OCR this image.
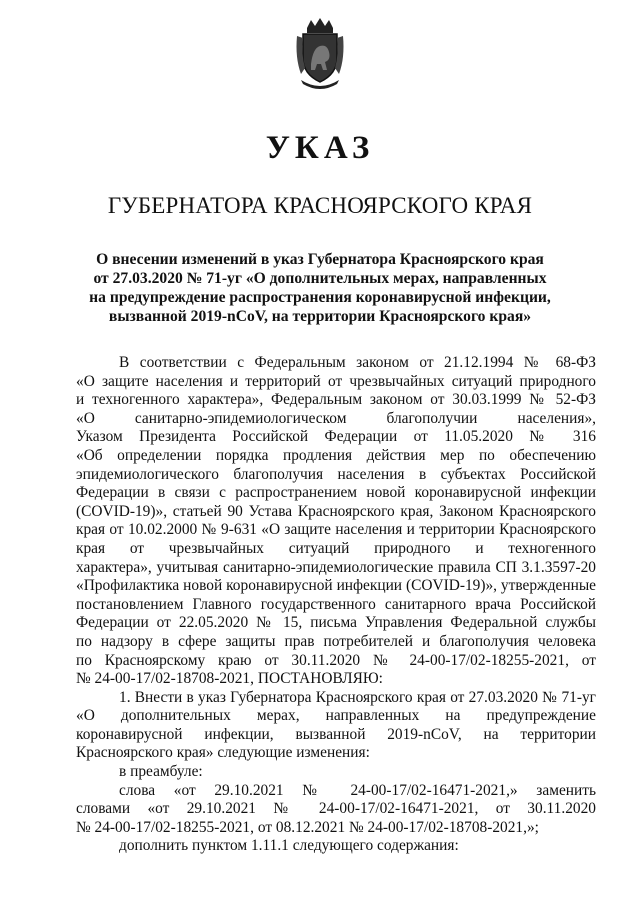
УКАЗ
ГУБЕРНАТОРА КРАСНОЯРСКОГО КРАЯ
О внесении изменений в указ Губернатора Красноярского края
от 27.03.2020 № 71-уг «О дополнительных мерах, направленных
на предупреждение распространения коронавирусной инфекции,
вызванной 2019-nCoV, на территории Красноярского края»
В соответствии с Федеральным законом от 21.12.1994 № 68-ФЗ
«О защите населения и территорий от чрезвычайных ситуаций природного
и техногенного характера», Федеральным законом от 30.03.1999 № 52-ФЗ
«О санитарно-эпидемиологическом благополучии населения»,
Указом Президента Российской Федерации от 11.05.2020 № 316
«Об определении порядка продления действия мер по обеспечению
эпидемиологического благополучия населения в субъектах Российской
Федерации в связи с распространением новой коронавирусной инфекции
(COVID-19)», статьей 90 Устава Красноярского края, Законом Красноярского
края от 10.02.2000 № 9-631 «О защите населения и территории Красноярского
края от чрезвычайных ситуаций природного и техногенного
характера», учитывая санитарно-эпидемиологические правила СП 3.1.3597-20
«Профилактика новой коронавирусной инфекции (COVID-19)», утвержденные
постановлением Главного государственного санитарного врача Российской
Федерации от 22.05.2020 № 15, письма Управления Федеральной службы
по надзору в сфере защиты прав потребителей и благополучия человека
по Красноярскому краю от 30.11.2020 № 24-00-17/02-18255-2021, от
№ 24-00-17/02-18708-2021, ПОСТАНОВЛЯЮ:
1. Внести в указ Губернатора Красноярского края от 27.03.2020 № 71-уг
«О дополнительных мерах, направленных на предупреждение
коронавирусной инфекции, вызванной 2019-nCoV, на территории
Красноярского края» следующие изменения:
в преамбуле:
слова «от 29.10.2021 № 24-00-17/02-16471-2021,» заменить
словами «от 29.10.2021 № 24-00-17/02-16471-2021, от 30.11.2020
№ 24-00-17/02-18255-2021, от 08.12.2021 № 24-00-17/02-18708-2021,»;
дополнить пунктом 1.11.1 следующего содержания:
